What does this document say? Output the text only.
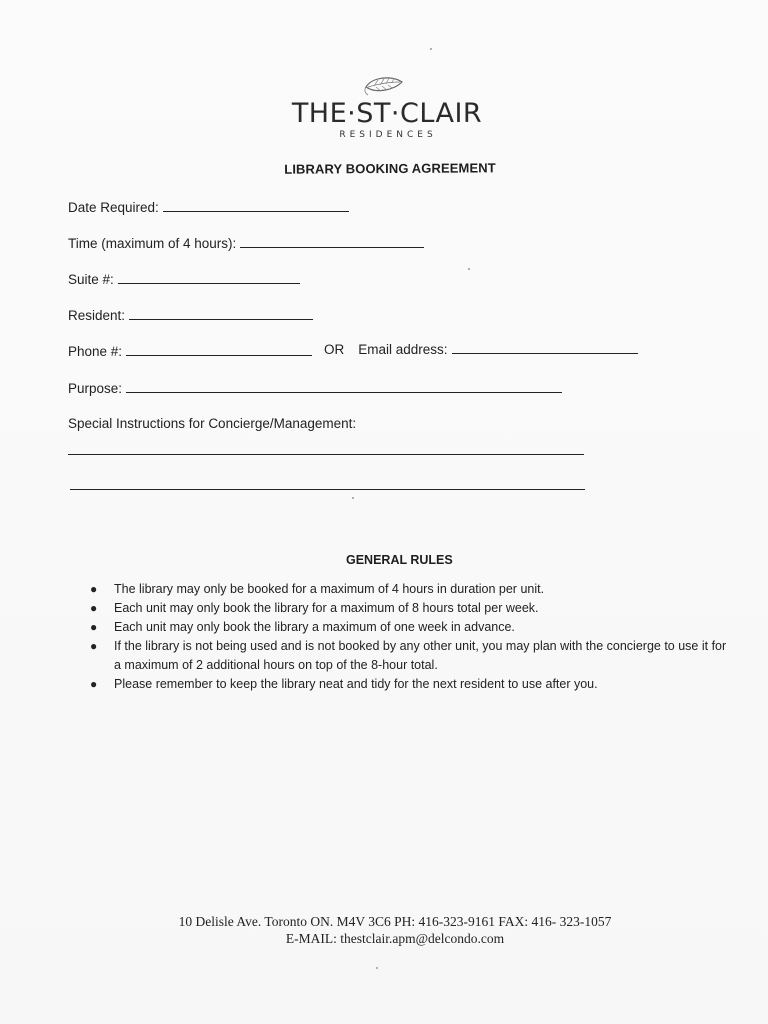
THE·ST·CLAIR
RESIDENCES
LIBRARY BOOKING AGREEMENT
Date Required:
Time (maximum of 4 hours):
Suite #:
Resident:
Phone #:	OR Email address:
Purpose:
Special Instructions for Concierge/Management:
GENERAL RULES
● The library may only be booked for a maximum of 4 hours in duration per unit.
● Each unit may only book the library for a maximum of 8 hours total per week.
● Each unit may only book the library a maximum of one week in advance.
● If the library is not being used and is not booked by any other unit, you may plan with the concierge to use it for a maximum of 2 additional hours on top of the 8-hour total.
● Please remember to keep the library neat and tidy for the next resident to use after you.
10 Delisle Ave. Toronto ON. M4V 3C6 PH: 416-323-9161 FAX: 416- 323-1057
E-MAIL: thestclair.apm@delcondo.com
